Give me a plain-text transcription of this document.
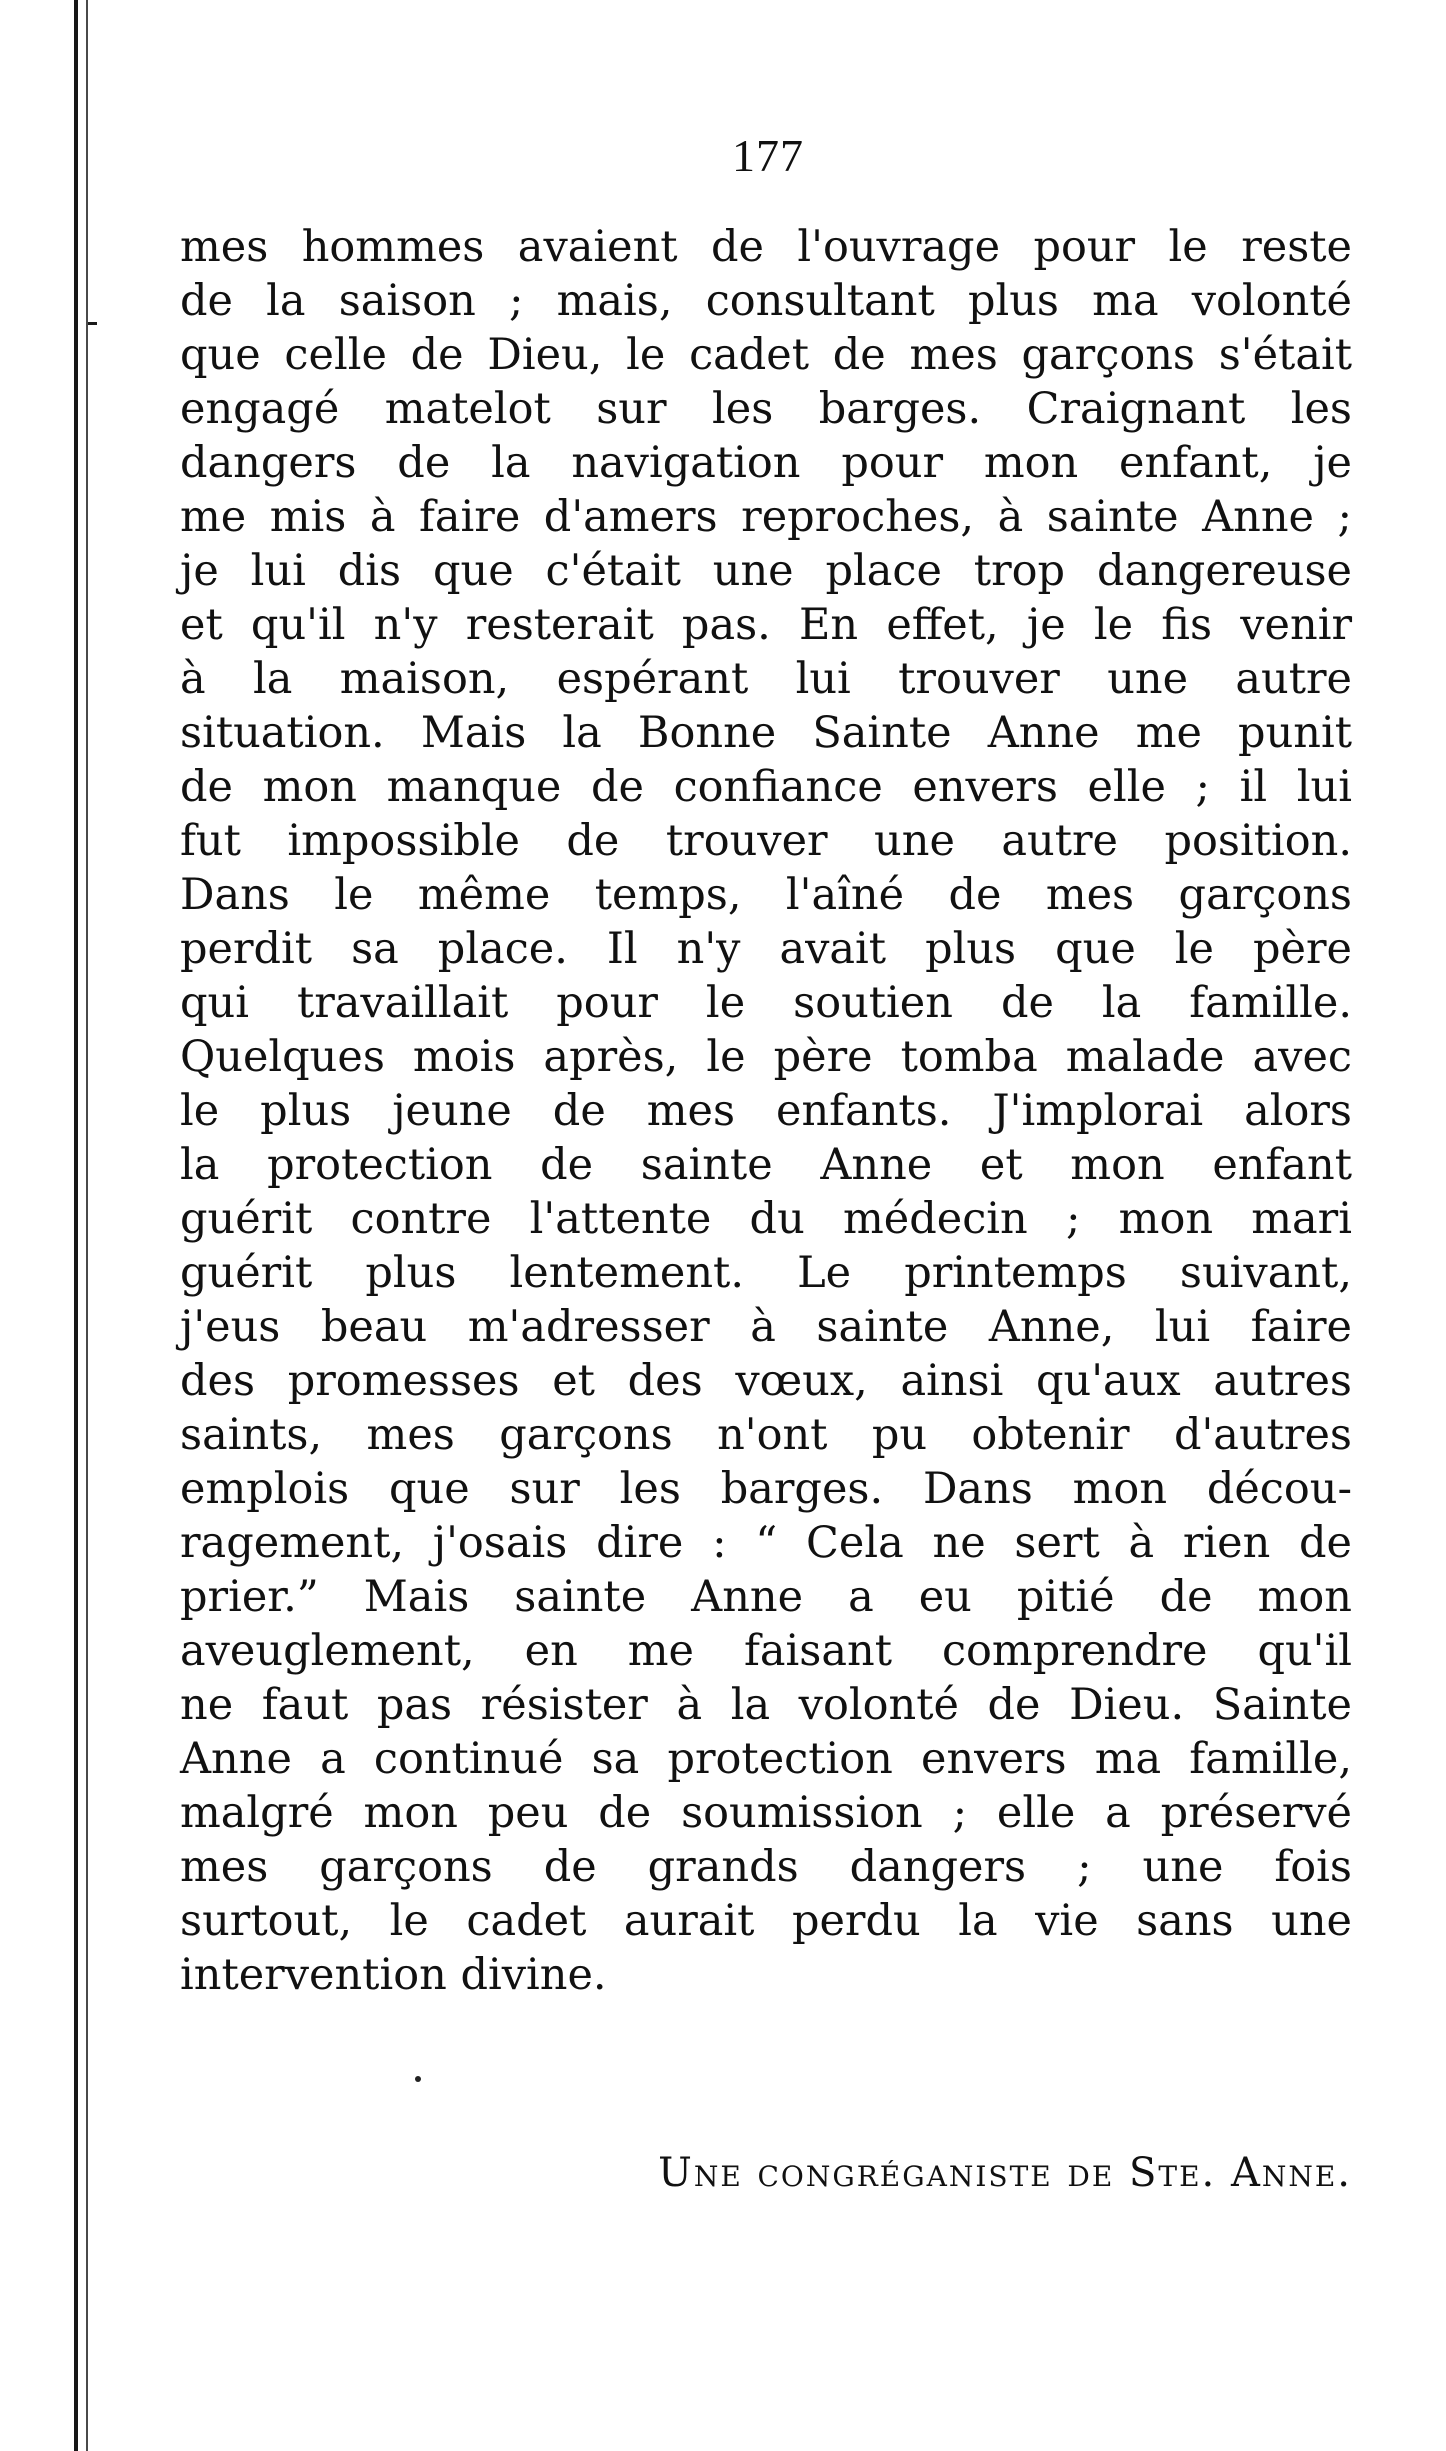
177
mes hommes avaient de l'ouvrage pour le reste
de la saison ; mais, consultant plus ma volonté
que celle de Dieu, le cadet de mes garçons s'était
engagé matelot sur les barges. Craignant les
dangers de la navigation pour mon enfant, je
me mis à faire d'amers reproches, à sainte Anne ;
je lui dis que c'était une place trop dangereuse
et qu'il n'y resterait pas. En effet, je le fis venir
à la maison, espérant lui trouver une autre
situation. Mais la Bonne Sainte Anne me punit
de mon manque de confiance envers elle ; il lui
fut impossible de trouver une autre position.
Dans le même temps, l'aîné de mes garçons
perdit sa place. Il n'y avait plus que le père
qui travaillait pour le soutien de la famille.
Quelques mois après, le père tomba malade avec
le plus jeune de mes enfants. J'implorai alors
la protection de sainte Anne et mon enfant
guérit contre l'attente du médecin ; mon mari
guérit plus lentement. Le printemps suivant,
j'eus beau m'adresser à sainte Anne, lui faire
des promesses et des vœux, ainsi qu'aux autres
saints, mes garçons n'ont pu obtenir d'autres
emplois que sur les barges. Dans mon décou-
ragement, j'osais dire : “ Cela ne sert à rien de
prier.” Mais sainte Anne a eu pitié de mon
aveuglement, en me faisant comprendre qu'il
ne faut pas résister à la volonté de Dieu. Sainte
Anne a continué sa protection envers ma famille,
malgré mon peu de soumission ; elle a préservé
mes garçons de grands dangers ; une fois
surtout, le cadet aurait perdu la vie sans une
intervention divine.
Une congréganiste de Ste. Anne.
